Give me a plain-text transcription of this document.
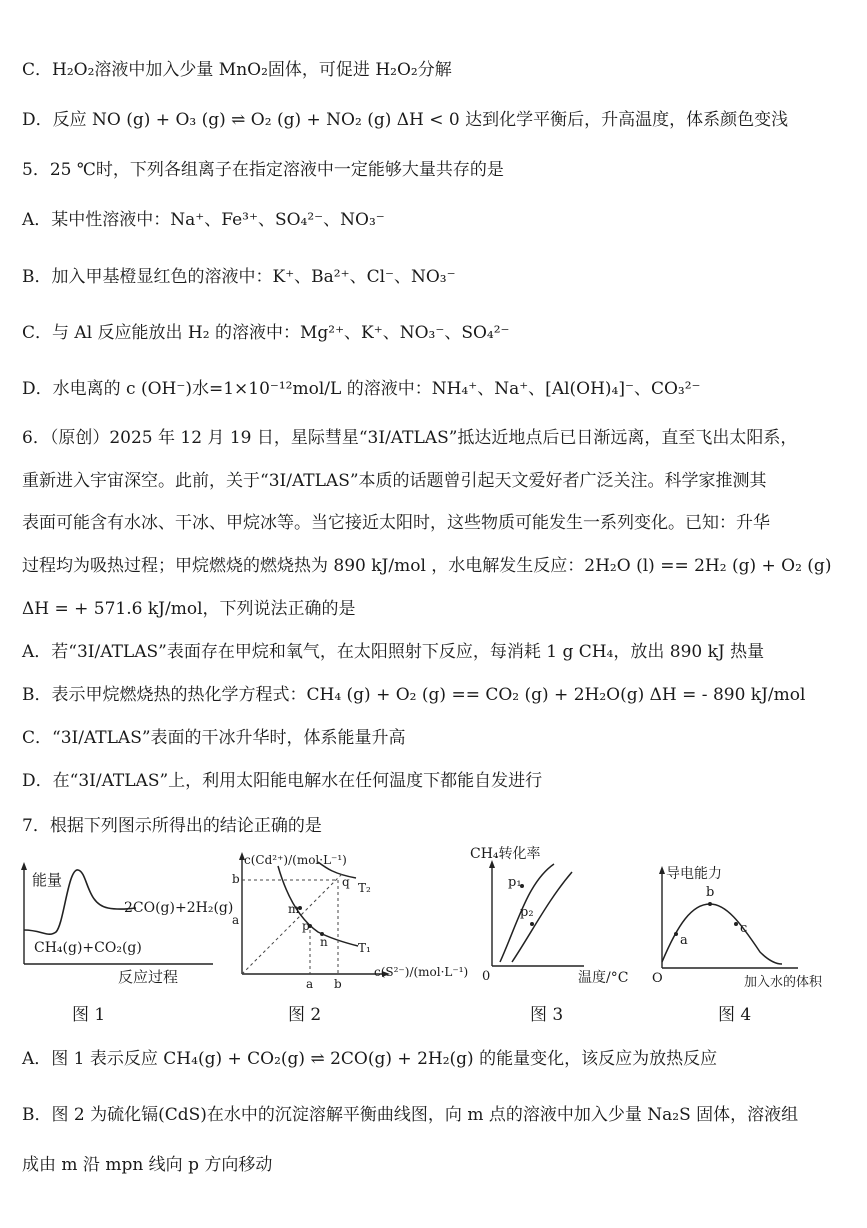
C．H₂O₂溶液中加入少量 MnO₂固体，可促进 H₂O₂分解
D．反应 NO (g) + O₃ (g) ⇌ O₂ (g) + NO₂ (g) ΔH < 0 达到化学平衡后，升高温度，体系颜色变浅
5．25 ℃时，下列各组离子在指定溶液中一定能够大量共存的是
A．某中性溶液中：Na⁺、Fe³⁺、SO₄²⁻、NO₃⁻
B．加入甲基橙显红色的溶液中：K⁺、Ba²⁺、Cl⁻、NO₃⁻
C．与 Al 反应能放出 H₂ 的溶液中：Mg²⁺、K⁺、NO₃⁻、SO₄²⁻
D．水电离的 c (OH⁻)水=1×10⁻¹²mol/L 的溶液中：NH₄⁺、Na⁺、[Al(OH)₄]⁻、CO₃²⁻
6．（原创）2025 年 12 月 19 日，星际彗星“3I/ATLAS”抵达近地点后已日渐远离，直至飞出太阳系，
重新进入宇宙深空。此前，关于“3I/ATLAS”本质的话题曾引起天文爱好者广泛关注。科学家推测其
表面可能含有水冰、干冰、甲烷冰等。当它接近太阳时，这些物质可能发生一系列变化。已知：升华
过程均为吸热过程；甲烷燃烧的燃烧热为 890 kJ/mol ，水电解发生反应：2H₂O (l) == 2H₂ (g) + O₂ (g)
ΔH = + 571.6 kJ/mol，下列说法正确的是
A．若“3I/ATLAS”表面存在甲烷和氧气，在太阳照射下反应，每消耗 1 g CH₄，放出 890 kJ 热量
B．表示甲烷燃烧热的热化学方程式：CH₄ (g) + O₂ (g) == CO₂ (g) + 2H₂O(g) ΔH = - 890 kJ/mol
C．“3I/ATLAS”表面的干冰升华时，体系能量升高
D．在“3I/ATLAS”上，利用太阳能电解水在任何温度下都能自发进行
7．根据下列图示所得出的结论正确的是
能量
2CO(g)+2H₂(g)
CH₄(g)+CO₂(g)
反应过程
图 1
c(Cd²⁺)/(mol·L⁻¹)
b
a
m
p
n
q T₂
T₁
a b
c(S²⁻)/(mol·L⁻¹)
图 2
CH₄转化率
p₁
p₂
0	温度/°C
图 3
导电能力
a
b
c
O	加入水的体积
图 4
A．图 1 表示反应 CH₄(g) + CO₂(g) ⇌ 2CO(g) + 2H₂(g) 的能量变化，该反应为放热反应
B．图 2 为硫化镉(CdS)在水中的沉淀溶解平衡曲线图，向 m 点的溶液中加入少量 Na₂S 固体，溶液组
成由 m 沿 mpn 线向 p 方向移动
